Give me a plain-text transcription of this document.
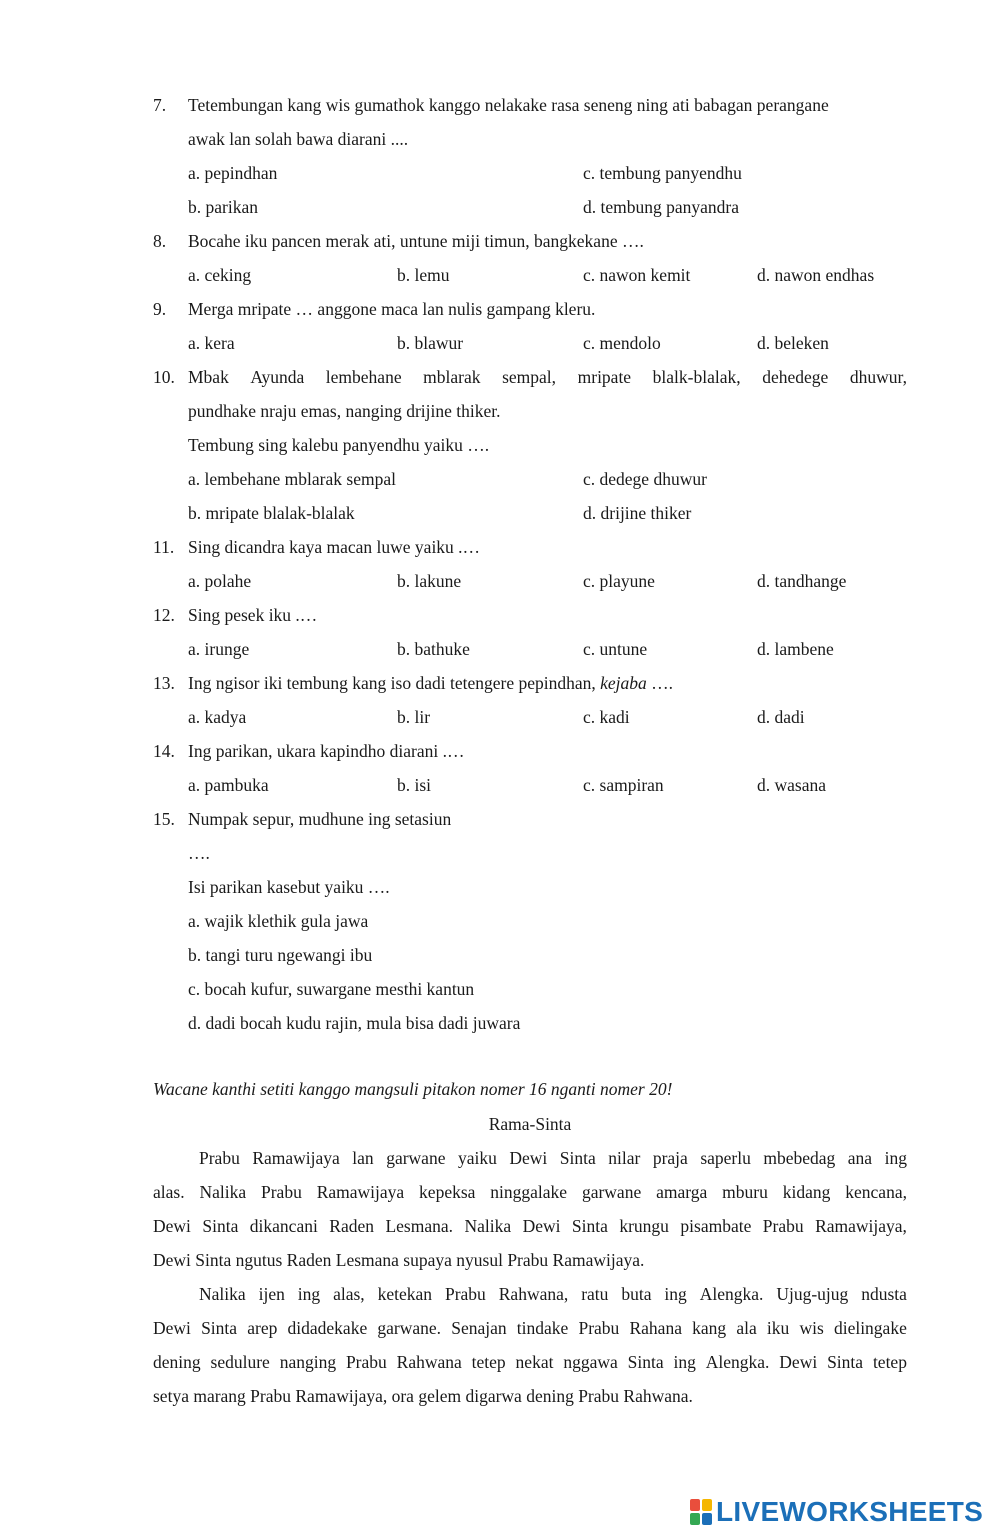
7. Tetembungan kang wis gumathok kanggo nelakake rasa seneng ning ati babagan perangane
awak lan solah bawa diarani ....
a. pepindhan	c. tembung panyendhu
b. parikan	d. tembung panyandra
8. Bocahe iku pancen merak ati, untune miji timun, bangkekane ….
a. ceking	b. lemu	c. nawon kemit	d. nawon endhas
9. Merga mripate … anggone maca lan nulis gampang kleru.
a. kera	b. blawur	c. mendolo	d. beleken
10. Mbak Ayunda lembehane mblarak sempal, mripate blalk-blalak, dehedege dhuwur,
pundhake nraju emas, nanging drijine thiker.
Tembung sing kalebu panyendhu yaiku ….
a. lembehane mblarak sempal	c. dedege dhuwur
b. mripate blalak-blalak	d. drijine thiker
11. Sing dicandra kaya macan luwe yaiku .…
a. polahe	b. lakune	c. playune	d. tandhange
12. Sing pesek iku .…
a. irunge	b. bathuke	c. untune	d. lambene
13. Ing ngisor iki tembung kang iso dadi tetengere pepindhan, kejaba ….
a. kadya	b. lir	c. kadi	d. dadi
14. Ing parikan, ukara kapindho diarani .…
a. pambuka	b. isi	c. sampiran	d. wasana
15. Numpak sepur, mudhune ing setasiun
….
Isi parikan kasebut yaiku ….
a. wajik klethik gula jawa
b. tangi turu ngewangi ibu
c. bocah kufur, suwargane mesthi kantun
d. dadi bocah kudu rajin, mula bisa dadi juwara
Wacane kanthi setiti kanggo mangsuli pitakon nomer 16 nganti nomer 20!
Rama-Sinta
Prabu Ramawijaya lan garwane yaiku Dewi Sinta nilar praja saperlu mbebedag ana ing
alas. Nalika Prabu Ramawijaya kepeksa ninggalake garwane amarga mburu kidang kencana,
Dewi Sinta dikancani Raden Lesmana. Nalika Dewi Sinta krungu pisambate Prabu Ramawijaya,
Dewi Sinta ngutus Raden Lesmana supaya nyusul Prabu Ramawijaya.
Nalika ijen ing alas, ketekan Prabu Rahwana, ratu buta ing Alengka. Ujug-ujug ndusta
Dewi Sinta arep didadekake garwane. Senajan tindake Prabu Rahana kang ala iku wis dielingake
dening sedulure nanging Prabu Rahwana tetep nekat nggawa Sinta ing Alengka. Dewi Sinta tetep
setya marang Prabu Ramawijaya, ora gelem digarwa dening Prabu Rahwana.
LIVEWORKSHEETS
